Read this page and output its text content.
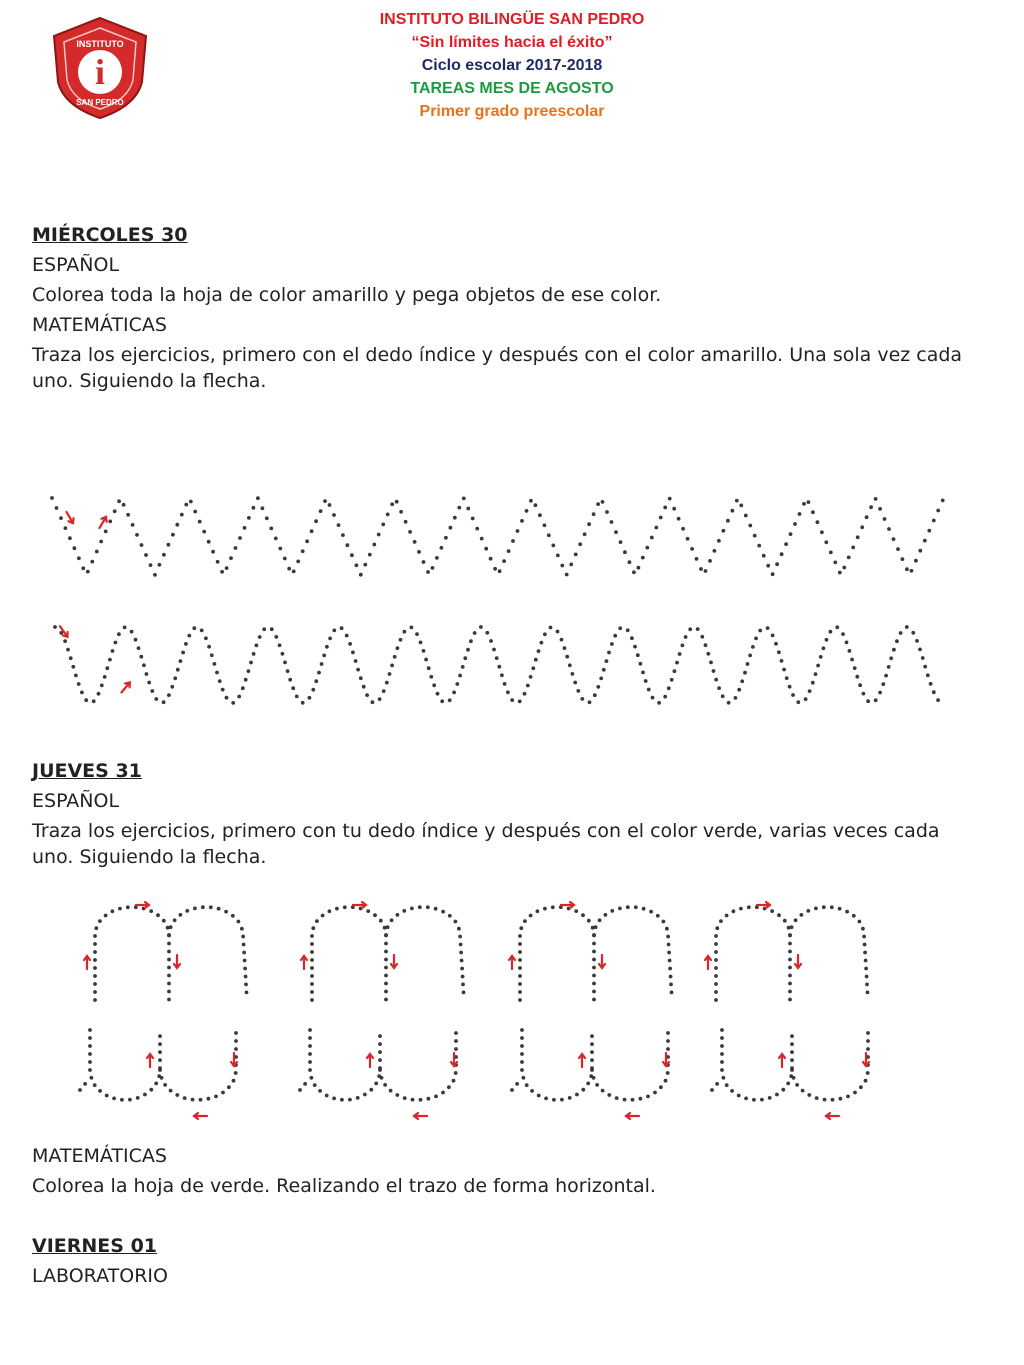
i
INSTITUTO
SAN PEDRO
INSTITUTO BILINGÜE SAN PEDRO
“Sin límites hacia el éxito”
Ciclo escolar 2017-2018
TAREAS MES DE AGOSTO
Primer grado preescolar
MIÉRCOLES 30
ESPAÑOL
Colorea toda la hoja de color amarillo y pega objetos de ese color.
MATEMÁTICAS
Traza los ejercicios, primero con el dedo índice y después con el color amarillo. Una sola vez cada uno. Siguiendo la flecha.
JUEVES 31
ESPAÑOL
Traza los ejercicios, primero con tu dedo índice y después con el color verde, varias veces cada uno. Siguiendo la flecha.
MATEMÁTICAS
Colorea la hoja de verde. Realizando el trazo de forma horizontal.
VIERNES 01
LABORATORIO
